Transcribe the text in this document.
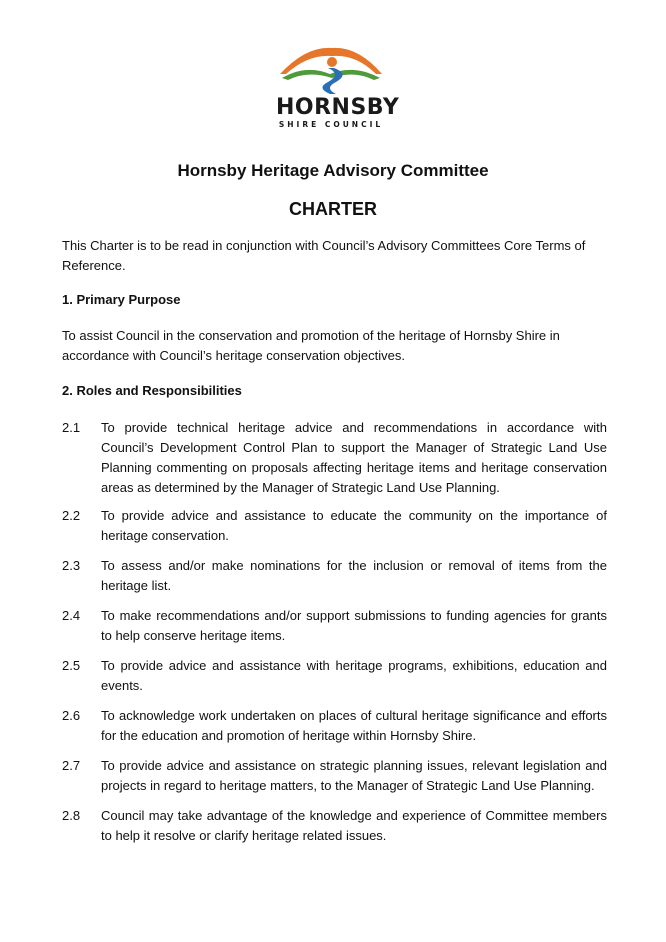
HORNSBY
SHIRE COUNCIL
Hornsby Heritage Advisory Committee
CHARTER

This Charter is to be read in conjunction with Council’s Advisory Committees Core Terms of Reference.

1. Primary Purpose

To assist Council in the conservation and promotion of the heritage of Hornsby Shire in accordance with Council’s heritage conservation objectives.

2. Roles and Responsibilities
2.1	To provide technical heritage advice and recommendations in accordance with Council’s Development Control Plan to support the Manager of Strategic Land Use Planning commenting on proposals affecting heritage items and heritage conservation areas as determined by the Manager of Strategic Land Use Planning.

2.2	To provide advice and assistance to educate the community on the importance of heritage conservation.

2.3	To assess and/or make nominations for the inclusion or removal of items from the heritage list.

2.4	To make recommendations and/or support submissions to funding agencies for grants to help conserve heritage items.

2.5	To provide advice and assistance with heritage programs, exhibitions, education and events.

2.6	To acknowledge work undertaken on places of cultural heritage significance and efforts for the education and promotion of heritage within Hornsby Shire.

2.7	To provide advice and assistance on strategic planning issues, relevant legislation and projects in regard to heritage matters, to the Manager of Strategic Land Use Planning.

2.8	Council may take advantage of the knowledge and experience of Committee members to help it resolve or clarify heritage related issues.
